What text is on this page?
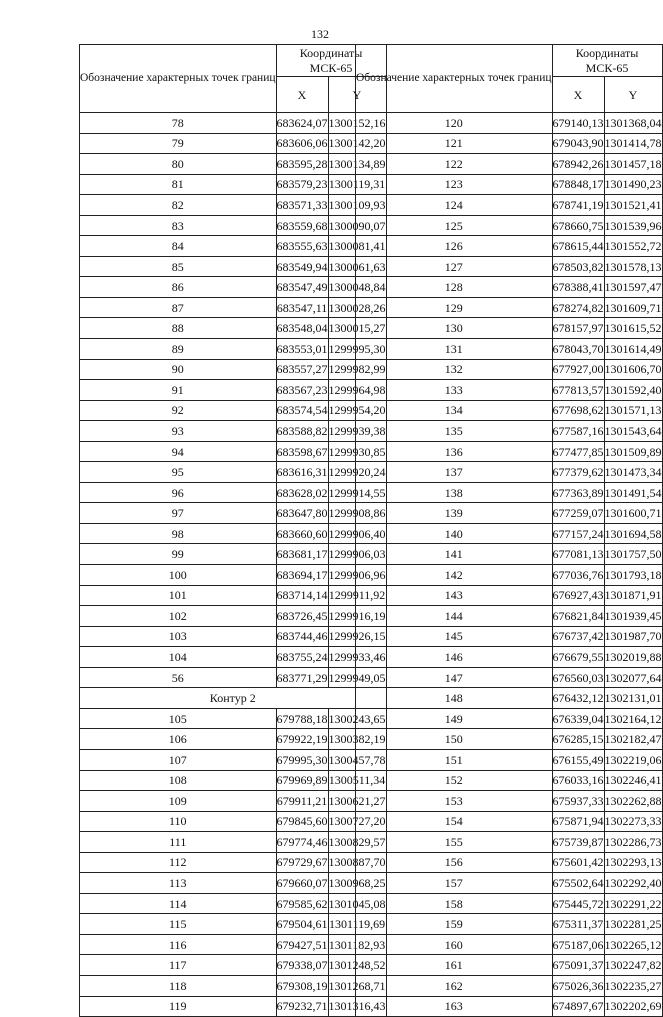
132
Обозначение характерных точек границ	Координаты
МСК-65	
	X	Y
78	683624,07	1300152,16
79	683606,06	1300142,20
80	683595,28	1300134,89
81	683579,23	1300119,31
82	683571,33	1300109,93
83	683559,68	1300090,07
84	683555,63	1300081,41
85	683549,94	1300061,63
86	683547,49	1300048,84
87	683547,11	1300028,26
88	683548,04	1300015,27
89	683553,01	1299995,30
90	683557,27	1299982,99
91	683567,23	1299964,98
92	683574,54	1299954,20
93	683588,82	1299939,38
94	683598,67	1299930,85
95	683616,31	1299920,24
96	683628,02	1299914,55
97	683647,80	1299908,86
98	683660,60	1299906,40
99	683681,17	1299906,03
100	683694,17	1299906,96
101	683714,14	1299911,92
102	683726,45	1299916,19
103	683744,46	1299926,15
104	683755,24	1299933,46
56	683771,29	1299949,05
Контур 2		
105	679788,18	1300243,65
106	679922,19	1300382,19
107	679995,30	1300457,78
108	679969,89	1300511,34
109	679911,21	1300621,27
110	679845,60	1300727,20
111	679774,46	1300829,57
112	679729,67	1300887,70
113	679660,07	1300968,25
114	679585,62	1301045,08
115	679504,61	1301119,69
116	679427,51	1301182,93
117	679338,07	1301248,52
118	679308,19	1301268,71
119	679232,71	1301316,43
Обозначение характерных точек границ	Координаты
МСК-65	
	X	Y
120	679140,13	1301368,04
121	679043,90	1301414,78
122	678942,26	1301457,18
123	678848,17	1301490,23
124	678741,19	1301521,41
125	678660,75	1301539,96
126	678615,44	1301552,72
127	678503,82	1301578,13
128	678388,41	1301597,47
129	678274,82	1301609,71
130	678157,97	1301615,52
131	678043,70	1301614,49
132	677927,00	1301606,70
133	677813,57	1301592,40
134	677698,62	1301571,13
135	677587,16	1301543,64
136	677477,85	1301509,89
137	677379,62	1301473,34
138	677363,89	1301491,54
139	677259,07	1301600,71
140	677157,24	1301694,58
141	677081,13	1301757,50
142	677036,76	1301793,18
143	676927,43	1301871,91
144	676821,84	1301939,45
145	676737,42	1301987,70
146	676679,55	1302019,88
147	676560,03	1302077,64
148	676432,12	1302131,01
149	676339,04	1302164,12
150	676285,15	1302182,47
151	676155,49	1302219,06
152	676033,16	1302246,41
153	675937,33	1302262,88
154	675871,94	1302273,33
155	675739,87	1302286,73
156	675601,42	1302293,13
157	675502,64	1302292,40
158	675445,72	1302291,22
159	675311,37	1302281,25
160	675187,06	1302265,12
161	675091,37	1302247,82
162	675026,36	1302235,27
163	674897,67	1302202,69
